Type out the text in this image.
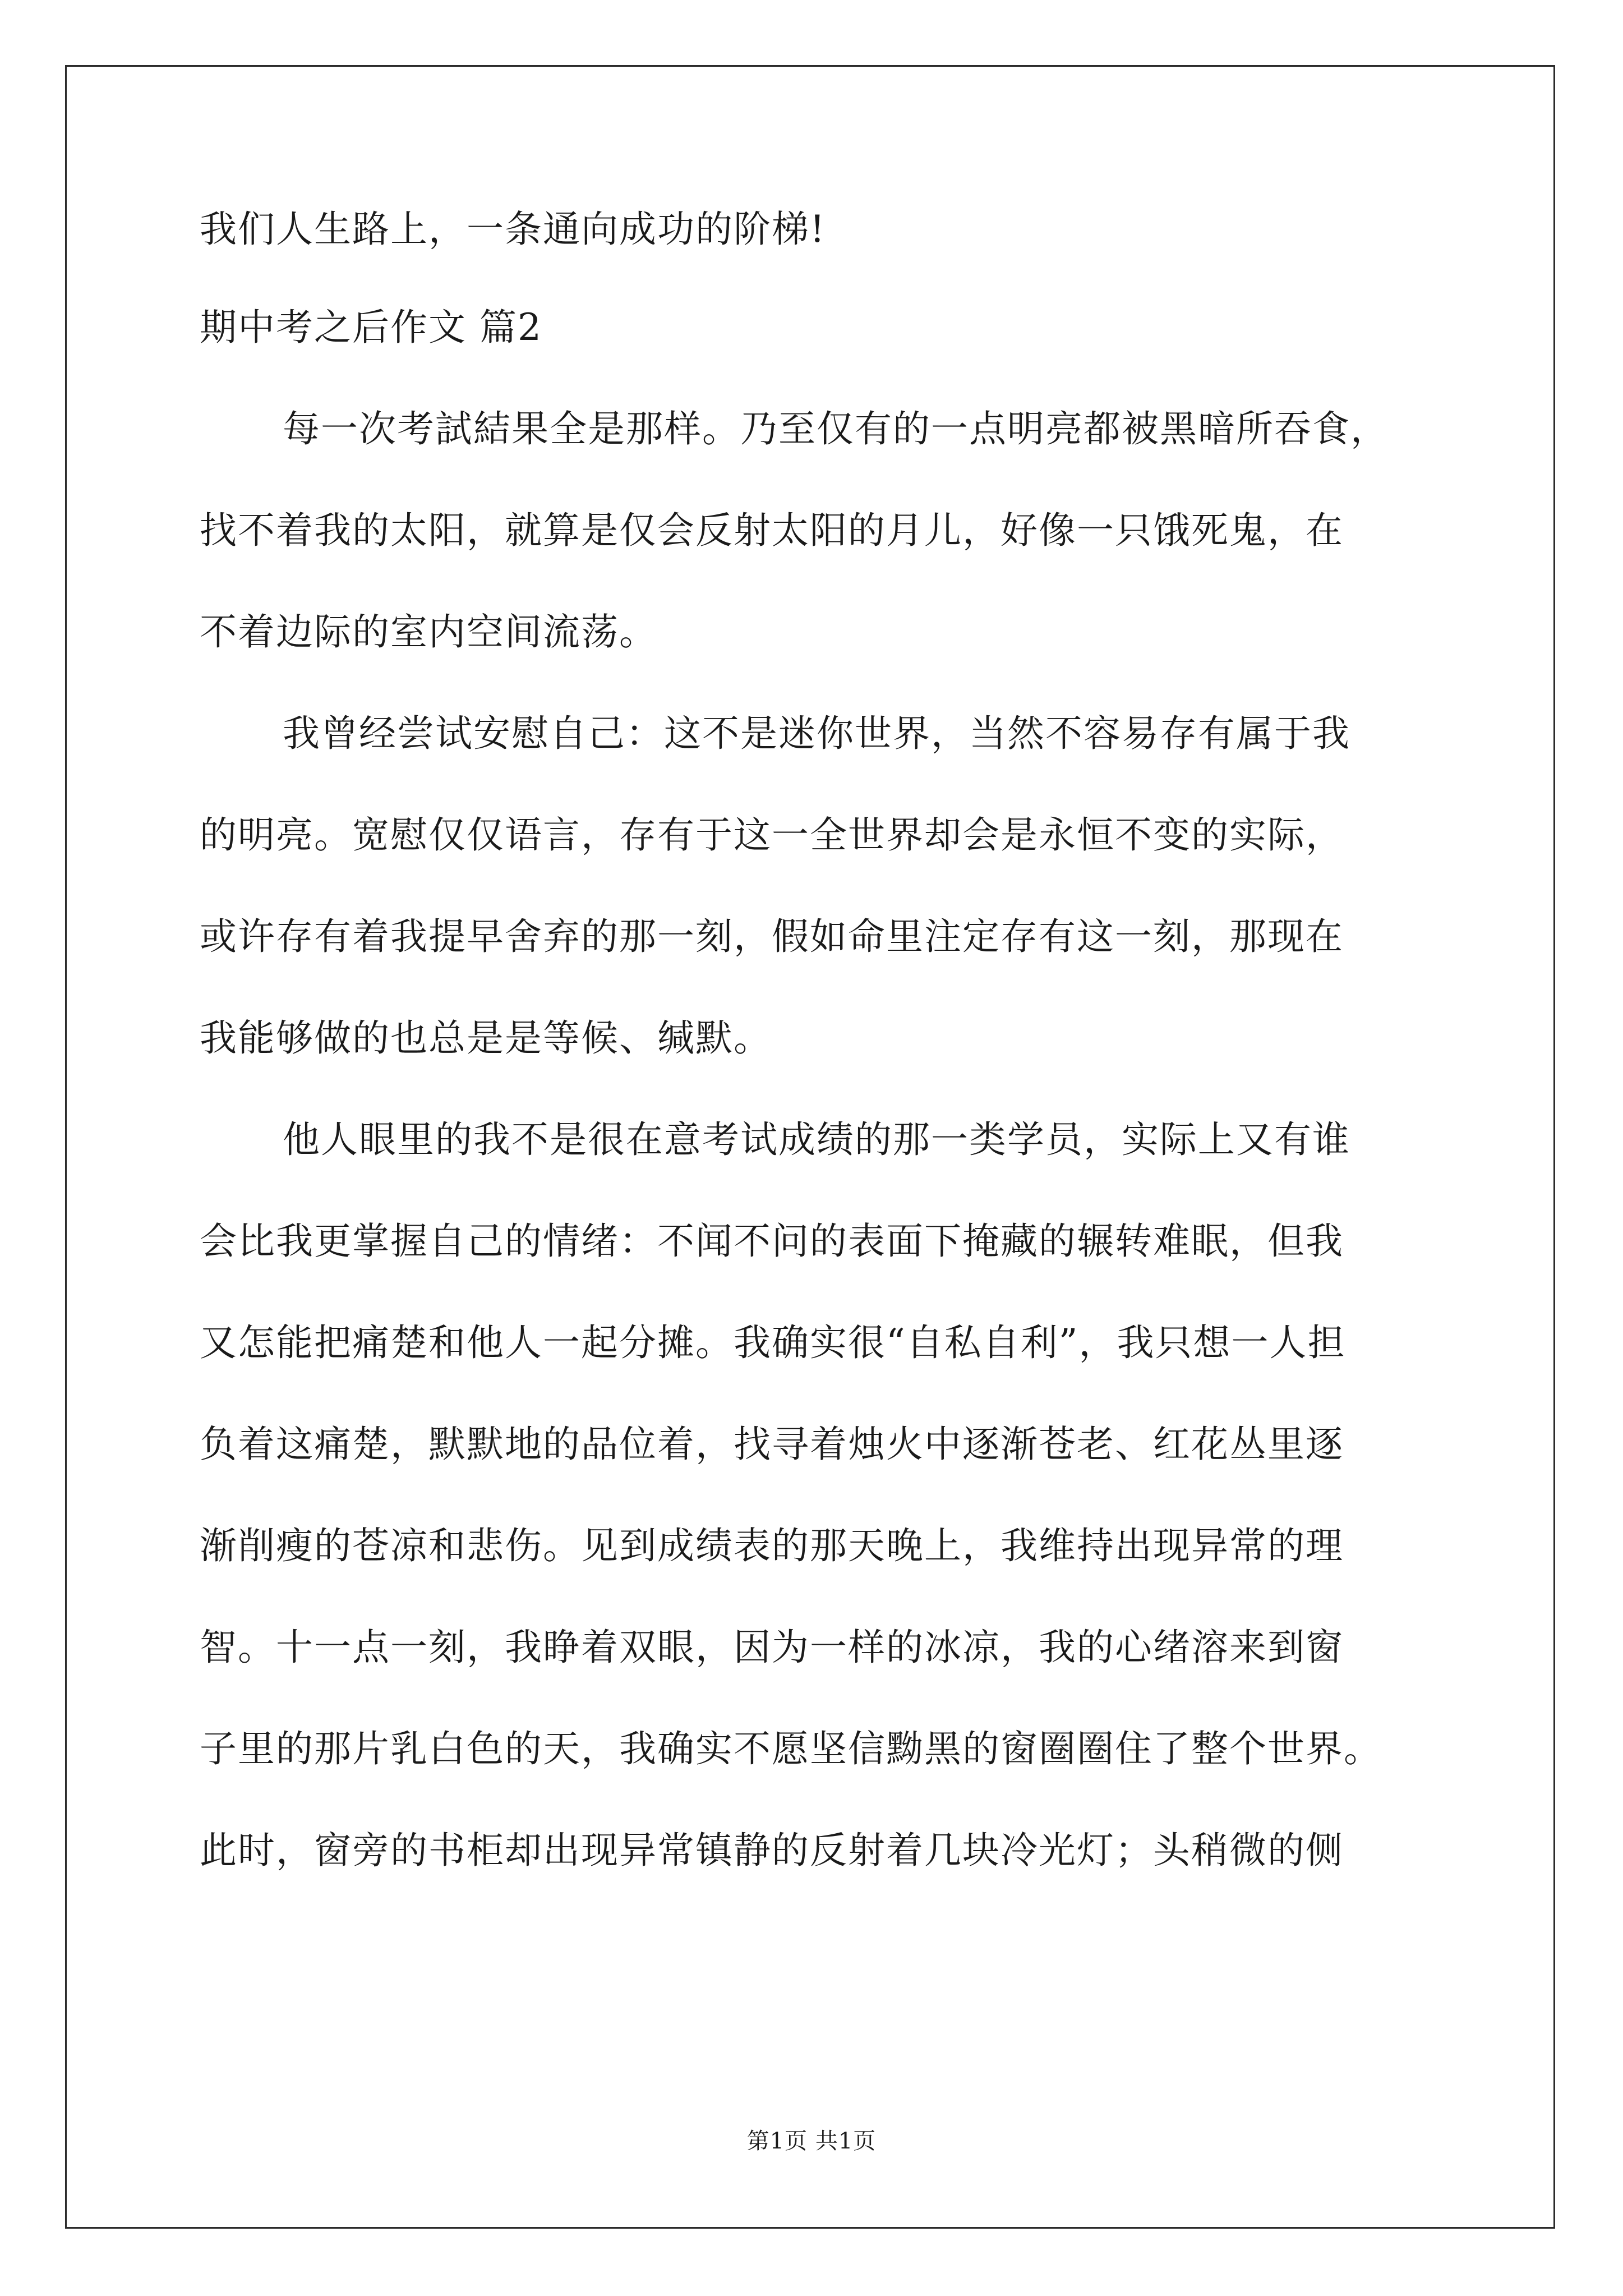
我们人生路上，一条通向成功的阶梯!
期中考之后作文 篇2
每一次考試結果全是那样。乃至仅有的一点明亮都被黑暗所吞食，
找不着我的太阳，就算是仅会反射太阳的月儿，好像一只饿死鬼，在
不着边际的室内空间流荡。
我曾经尝试安慰自己：这不是迷你世界，当然不容易存有属于我
的明亮。宽慰仅仅语言，存有于这一全世界却会是永恒不变的实际，
或许存有着我提早舍弃的那一刻，假如命里注定存有这一刻，那现在
我能够做的也总是是等候、缄默。
他人眼里的我不是很在意考试成绩的那一类学员，实际上又有谁
会比我更掌握自己的情绪：不闻不问的表面下掩藏的辗转难眠，但我
又怎能把痛楚和他人一起分摊。我确实很“自私自利”，我只想一人担
负着这痛楚，默默地的品位着，找寻着烛火中逐渐苍老、红花丛里逐
渐削瘦的苍凉和悲伤。见到成绩表的那天晚上，我维持出现异常的理
智。十一点一刻，我睁着双眼，因为一样的冰凉，我的心绪溶来到窗
子里的那片乳白色的天，我确实不愿坚信黝黑的窗圈圈住了整个世界。
此时，窗旁的书柜却出现异常镇静的反射着几块冷光灯；头稍微的侧
第1页 共1页
